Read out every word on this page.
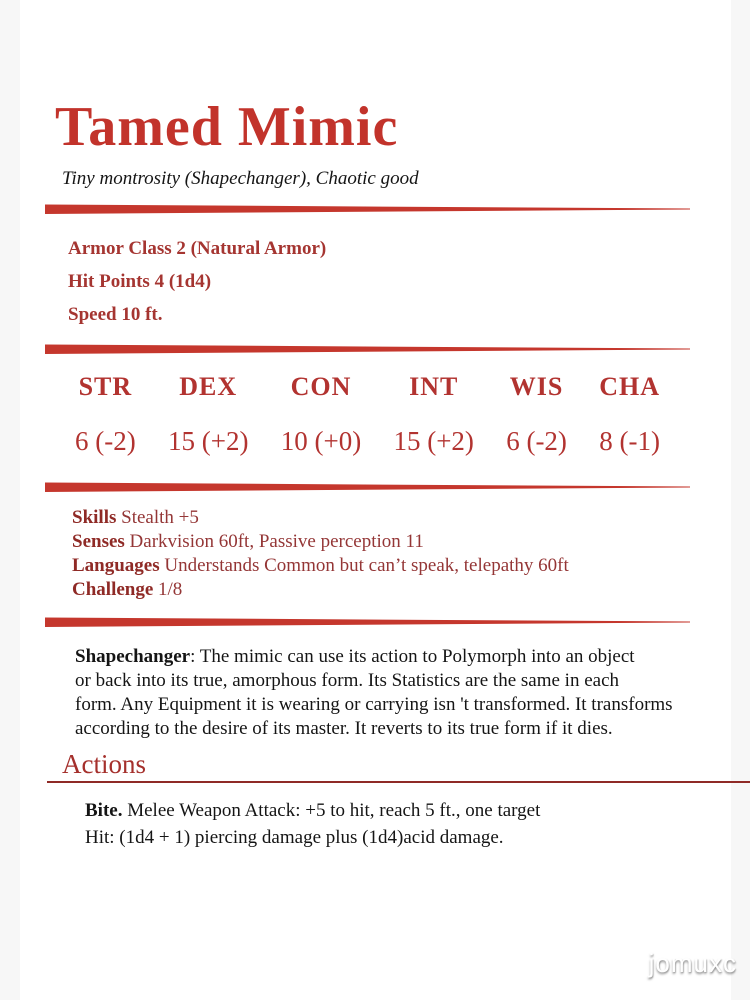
Tamed Mimic
Tiny montrosity (Shapechanger), Chaotic good
Armor Class 2 (Natural Armor)
Hit Points 4 (1d4)
Speed 10 ft.
STR
6 (-2)
DEX
15 (+2)
CON
10 (+0)
INT
15 (+2)
WIS
6 (-2)
CHA
8 (-1)
Skills Stealth +5
Senses Darkvision 60ft, Passive perception 11
Languages Understands Common but can’t speak, telepathy 60ft
Challenge 1/8
Shapechanger: The mimic can use its action to Polymorph into an object
or back into its true, amorphous form. Its Statistics are the same in each
form. Any Equipment it is wearing or carrying isn 't transformed. It transforms
according to the desire of its master. It reverts to its true form if it dies.
Actions
Bite. Melee Weapon Attack: +5 to hit, reach 5 ft., one target
Hit: (1d4 + 1) piercing damage plus (1d4)acid damage.
jomuxc
